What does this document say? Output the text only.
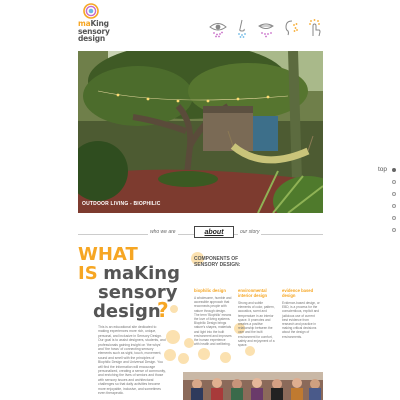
maKing
sensory
design
OUTDOOR LIVING - BIOPHILIC
top
who we are	about	our story
WHAT
IS maKing
sensory
design
?
This is an educational site dedicated to making experiences more rich, unique, personal, and inclusive in Sensory Design. Our goal is to assist designers, students, and professionals gaining insight on 'the whys' and 'the hows' of connecting sensory elements such as sight, touch, movement, sound and smell with the principles of Biophilic Design and Universal Design. You will find the information will encourage personalized, creating a sense of community, and enriching the lives of seniors and those with sensory issues and architectural challenges so that daily activities become more enjoyable, inclusive, and sometimes even therapeutic.
COMPONENTS OF SENSORY DESIGN:
biophilic design
A wholesome, humble and accessible approach that reconnects people with nature through design. The term 'Biophilic' means the love of living systems. Biophilic Design brings nature's shapes, materials and light into the built environment and improves the human experience with health and wellbeing.
environmental interior design
Strong and subtle elements of color, pattern, acoustics, scent and temperature in an interior space. It promotes and creates a positive relationship between the user and the built environment for comfort, safety and enjoyment of a space.
evidence based design
Evidence-based design, or EBD, is a process for the conscientious, explicit and judicious use of current best evidence from research and practice in making critical decisions about the design of environments.
